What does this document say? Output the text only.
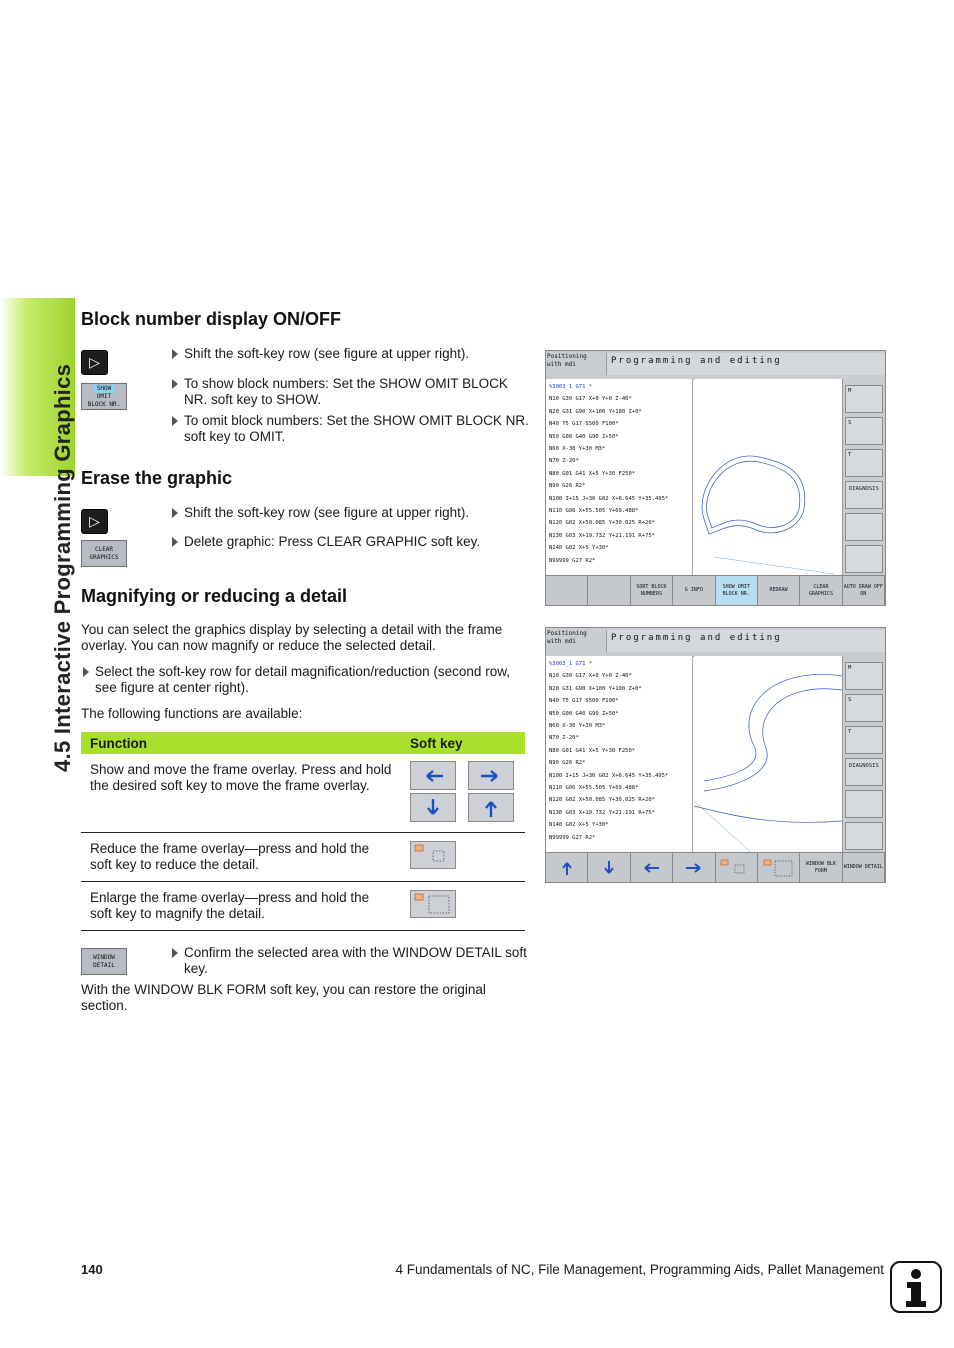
4.5 Interactive Programming Graphics
Block number display ON/OFF
▷
SHOW
OMIT
BLOCK NR.
Shift the soft-key row (see figure at upper right).
To show block numbers: Set the SHOW OMIT BLOCK NR. soft key to SHOW.
To omit block numbers: Set the SHOW OMIT BLOCK NR. soft key to OMIT.
Erase the graphic
▷
CLEAR
GRAPHICS
Shift the soft-key row (see figure at upper right).
Delete graphic: Press CLEAR GRAPHIC soft key.
Magnifying or reducing a detail
You can select the graphics display by selecting a detail with the frame overlay. You can now magnify or reduce the selected detail.
Select the soft-key row for detail magnification/reduction (second row, see figure at center right).
The following functions are available:
Function	Soft key
Show and move the frame overlay. Press and hold the desired soft key to move the frame overlay.	

Reduce the frame overlay—press and hold the soft key to reduce the detail.	

Enlarge the frame overlay—press and hold the soft key to magnify the detail.	
WINDOW
DETAIL
Confirm the selected area with the WINDOW DETAIL soft key.
With the WINDOW BLK FORM soft key, you can restore the original section.
Positioning with mdi	Programming and editing
%3003_1 G71 *
N10 G30 G17 X+0 Y+0 Z-40*
N20 G31 G90 X+100 Y+100 Z+0*
N40 T5 G17 S500 F100*
N50 G00 G40 G90 Z+50*
N60 X-30 Y+30 M3*
N70 Z-20*
N80 G01 G41 X+5 Y+30 F250*
N90 G26 R2*
N100 I+15 J+30 G02 X+6.645 Y+35.495*
N110 G06 X+55.505 Y+69.488*
N120 G02 X+50.085 Y+30.025 R+20*
N130 G03 X+19.732 Y+21.191 R+75*
N140 G02 X+5 Y+30*
N99999 G27 R2*
M
S
T
DIAGNOSIS
SORT BLOCK NUMBERS
G INFO
SHOW OMIT BLOCK NR.
REDRAW
CLEAR GRAPHICS
AUTO DRAW OFF ON
Positioning with mdi	Programming and editing
%3003_1 G71 *
N10 G30 G17 X+0 Y+0 Z-40*
N20 G31 G90 X+100 Y+100 Z+0*
N40 T5 G17 S500 F100*
N50 G00 G40 G90 Z+50*
N60 X-30 Y+30 M3*
N70 Z-20*
N80 G01 G41 X+5 Y+30 F250*
N90 G26 R2*
N100 I+15 J+30 G02 X+6.645 Y+35.495*
N110 G06 X+55.505 Y+69.488*
N120 G02 X+50.085 Y+30.025 R+20*
N130 G03 X+19.732 Y+21.191 R+75*
N140 G02 X+5 Y+30*
N99999 G27 R2*
M
S
T
DIAGNOSIS
WINDOW BLK FORM
WINDOW DETAIL
140	4 Fundamentals of NC, File Management, Programming Aids, Pallet Management
